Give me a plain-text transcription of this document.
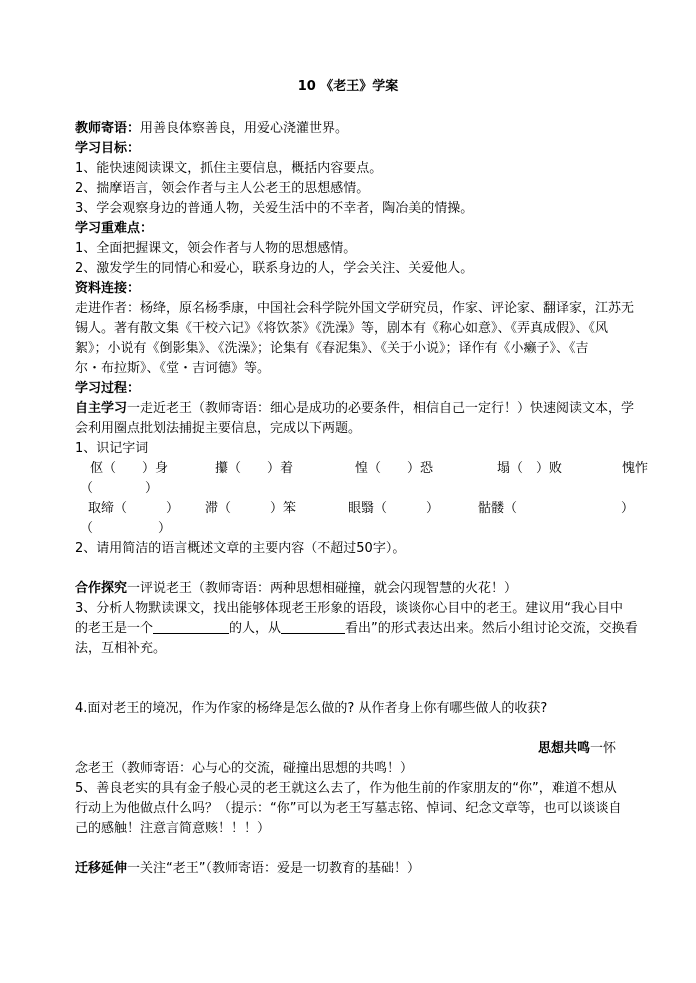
10 《老王》学案
教师寄语：用善良体察善良，用爱心浇灌世界。
学习目标：
1、能快速阅读课文，抓住主要信息，概括内容要点。
2、揣摩语言，领会作者与主人公老王的思想感情。
3、学会观察身边的普通人物，关爱生活中的不幸者，陶冶美的情操。
学习重难点：
1、全面把握课文，领会作者与人物的思想感情。
2、激发学生的同情心和爱心，联系身边的人，学会关注、关爱他人。
资料连接：
走进作者：杨绛，原名杨季康，中国社会科学院外国文学研究员，作家、评论家、翻译家，江苏无
锡人。著有散文集《干校六记》《将饮茶》《洗澡》等，剧本有《称心如意》、《弄真成假》、《风
絮》；小说有《倒影集》、《洗澡》；论集有《春泥集》、《关于小说》；译作有《小癞子》、《吉
尔・布拉斯》、《堂・吉诃德》等。
学习过程：
自主学习一走近老王（教师寄语：细心是成功的必要条件，相信自己一定行！）快速阅读文本，学
会利用圈点批划法捕捉主要信息，完成以下两题。
1、识记字词
伛（　　）身	攥（　　）着	惶（　　）恐	塌（　）败	愧怍
（　　　　）
取缔（　　　） 滞（　　　）笨	眼翳（　　　）	骷髅（　　　　　　　　）
（　　　　　）
2、请用简洁的语言概述文章的主要内容（不超过50字）。
合作探究一评说老王（教师寄语：两种思想相碰撞，就会闪现智慧的火花！）
3、分析人物默读课文，找出能够体现老王形象的语段，谈谈你心目中的老王。建议用“我心目中
的老王是一个	的人，从	看出”的形式表达出来。然后小组讨论交流，交换看
法，互相补充。
4.面对老王的境况，作为作家的杨绛是怎么做的? 从作者身上你有哪些做人的收获?
思想共鸣一怀
念老王（教师寄语：心与心的交流，碰撞出思想的共鸣！）
5、善良老实的具有金子般心灵的老王就这么去了，作为他生前的作家朋友的“你”，难道不想从
行动上为他做点什么吗？（提示：“你”可以为老王写墓志铭、悼词、纪念文章等，也可以谈谈自
己的感触！注意言简意赅！！！）
迁移延伸一关注“老王”（教师寄语：爱是一切教育的基础！）
